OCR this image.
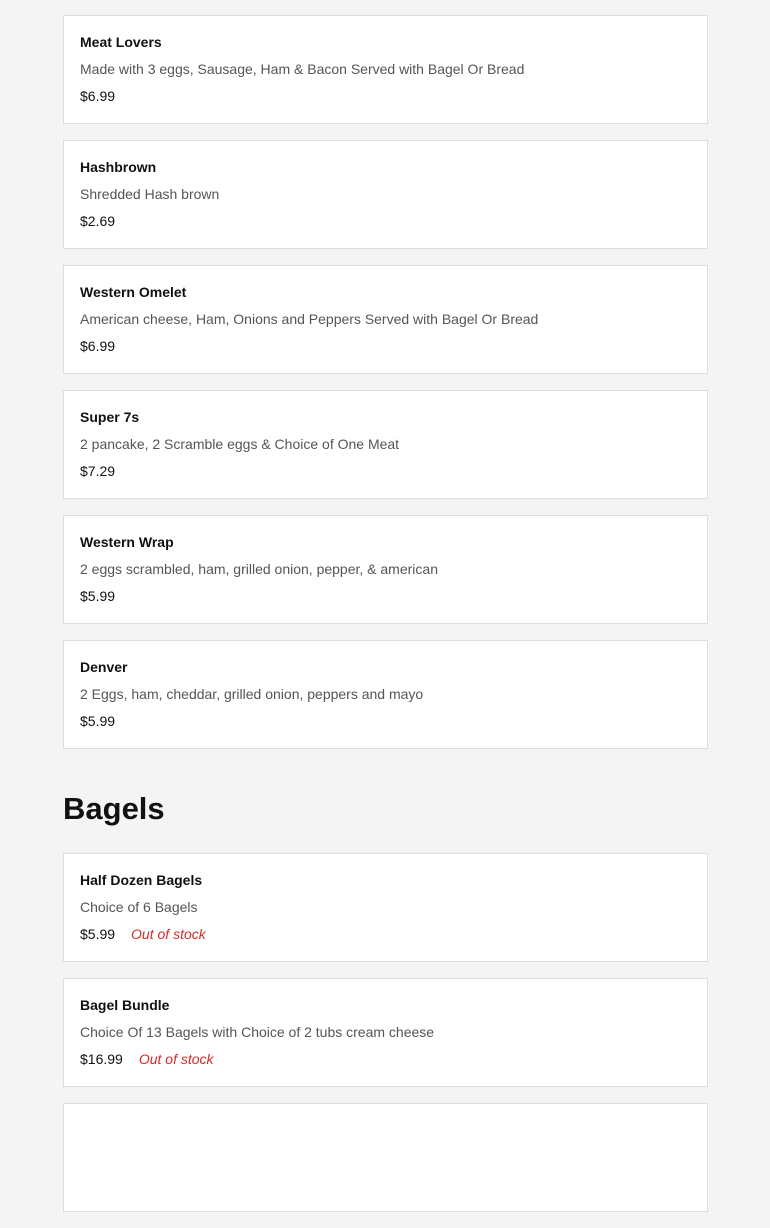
Meat Lovers
Made with 3 eggs, Sausage, Ham & Bacon Served with Bagel Or Bread
$6.99
Hashbrown
Shredded Hash brown
$2.69
Western Omelet
American cheese, Ham, Onions and Peppers Served with Bagel Or Bread
$6.99
Super 7s
2 pancake, 2 Scramble eggs & Choice of One Meat
$7.29
Western Wrap
2 eggs scrambled, ham, grilled onion, pepper, & american
$5.99
Denver
2 Eggs, ham, cheddar, grilled onion, peppers and mayo
$5.99
Bagels
Half Dozen Bagels
Choice of 6 Bagels
$5.99 Out of stock
Bagel Bundle
Choice Of 13 Bagels with Choice of 2 tubs cream cheese
$16.99 Out of stock
